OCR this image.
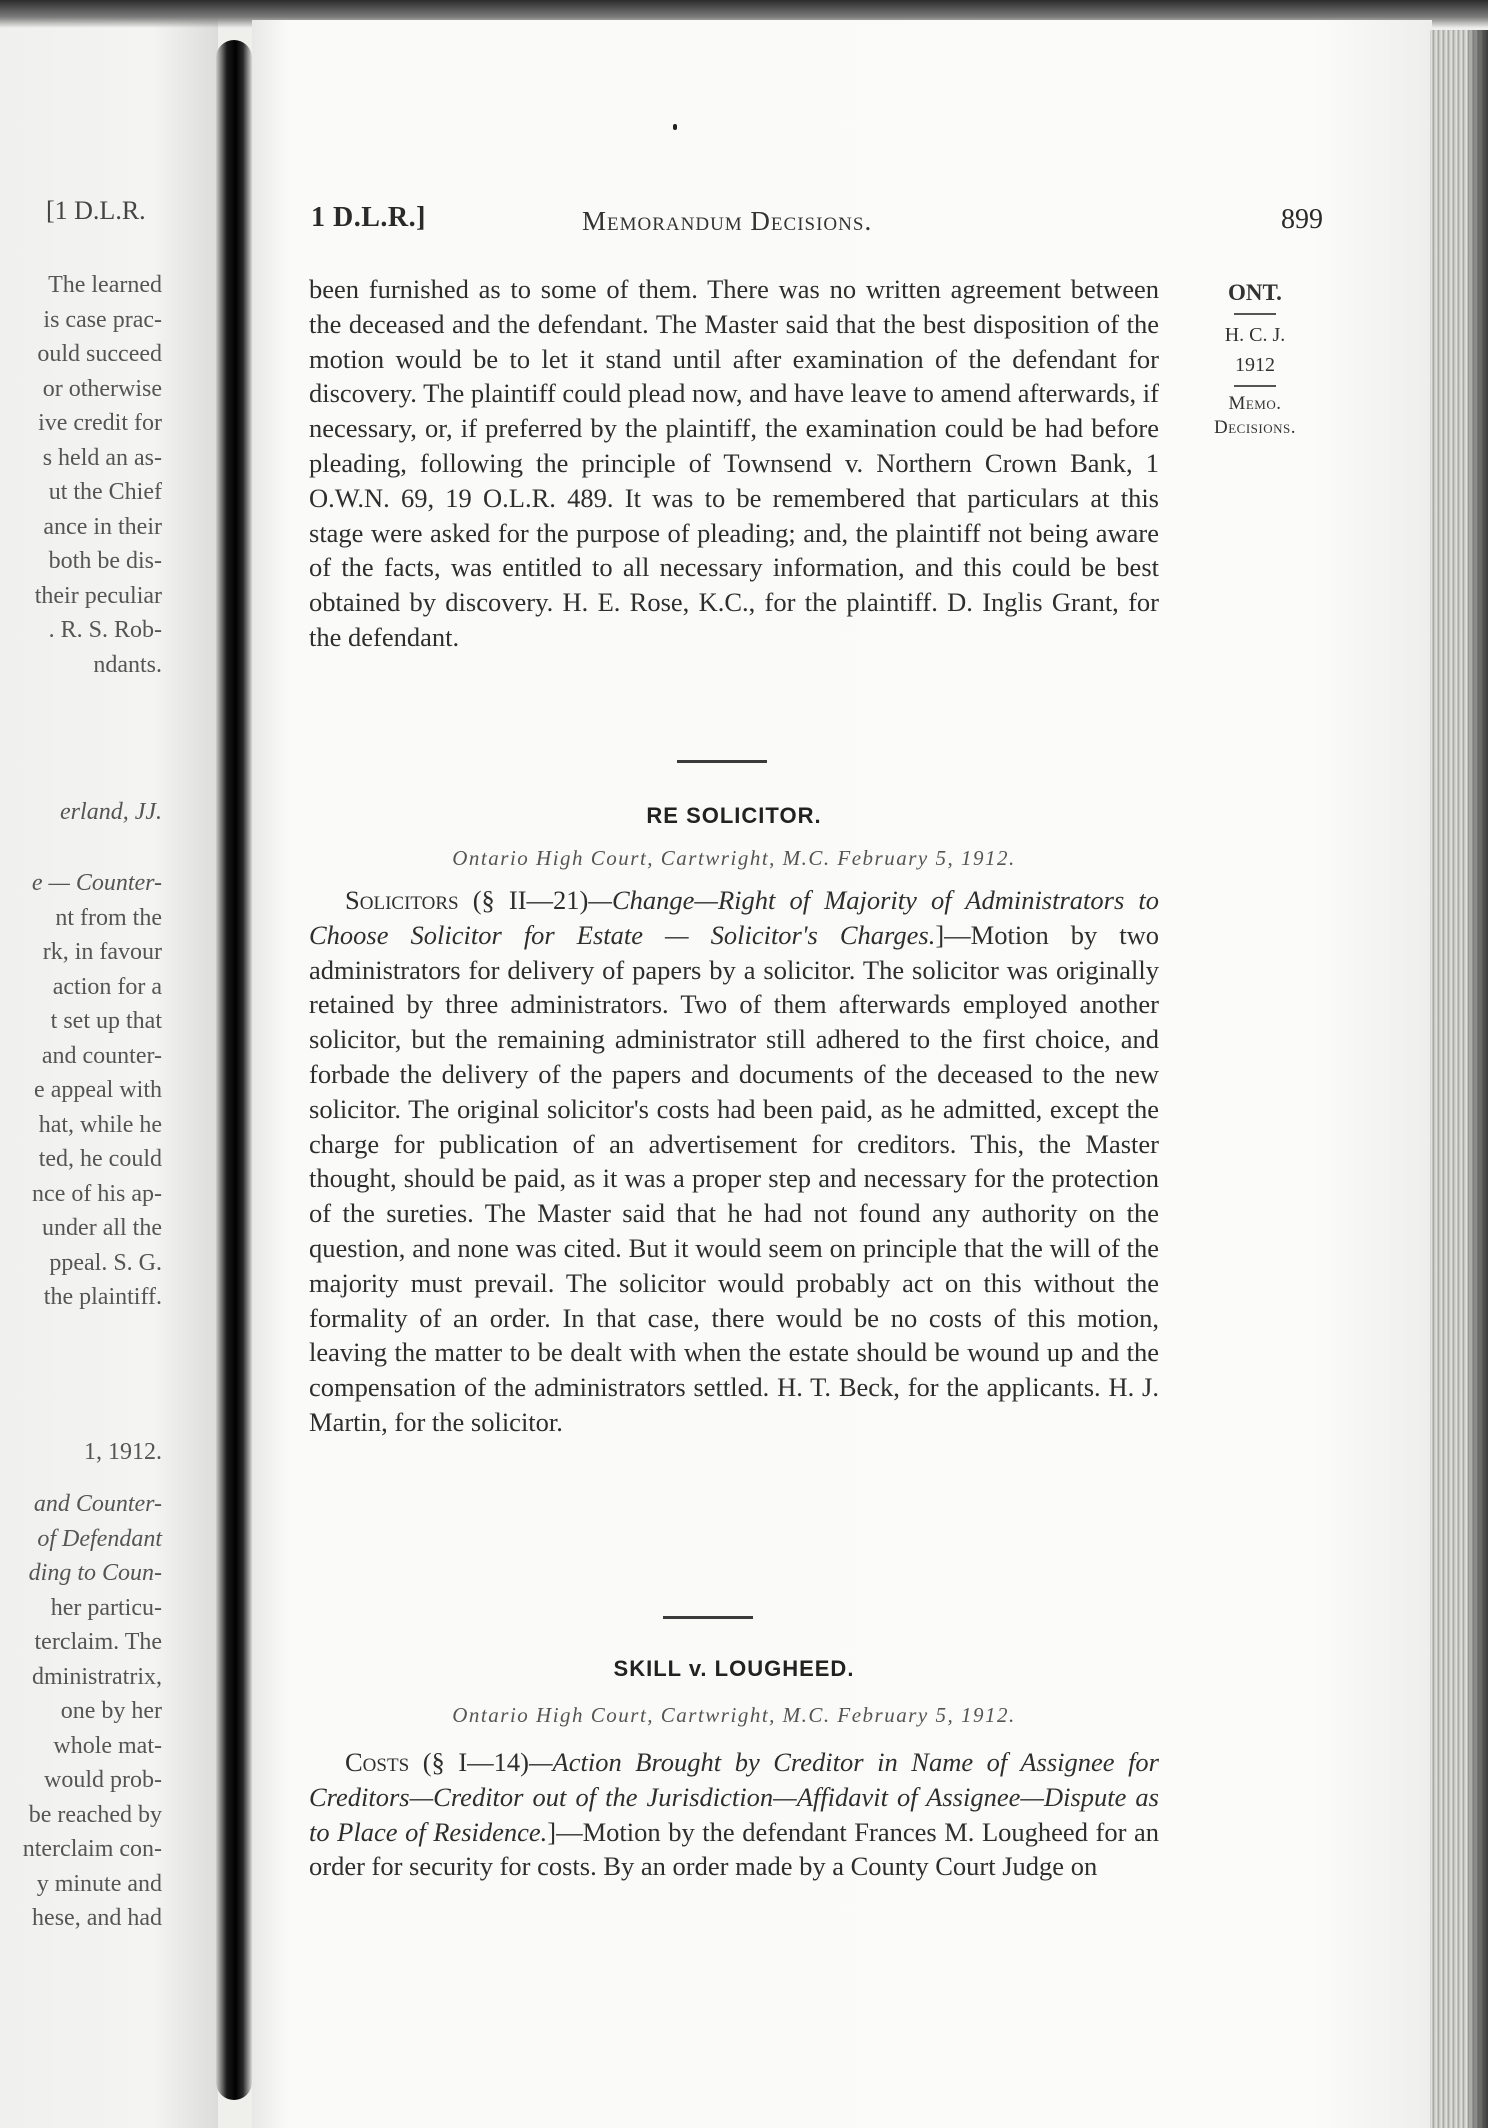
[1 D.L.R.
The learned
is case prac-
ould succeed
or otherwise
ive credit for
s held an as-
ut the Chief
ance in their
both be dis-
their peculiar
. R. S. Rob-
ndants.
erland, JJ.
e — Counter-
nt from the
rk, in favour
action for a
t set up that
and counter-
e appeal with
hat, while he
ted, he could
nce of his ap-
under all the
ppeal. S. G.
the plaintiff.
1, 1912.
and Counter-
of Defendant
ding to Coun-
her particu-
terclaim. The
dministratrix,
one by her
whole mat-
would prob-
be reached by
nterclaim con-
y minute and
hese, and had
1 D.L.R.]	Memorandum Decisions.	899
ONT.
H. C. J.
1912
Memo.
Decisions.
been furnished as to some of them. There was no written agreement between the deceased and the defendant. The Master said that the best disposition of the motion would be to let it stand until after examination of the defendant for discovery. The plaintiff could plead now, and have leave to amend afterwards, if necessary, or, if preferred by the plaintiff, the examination could be had before pleading, following the principle of Townsend v. Northern Crown Bank, 1 O.W.N. 69, 19 O.L.R. 489. It was to be remembered that particulars at this stage were asked for the purpose of pleading; and, the plaintiff not being aware of the facts, was entitled to all necessary information, and this could be best obtained by discovery. H. E. Rose, K.C., for the plaintiff. D. Inglis Grant, for the defendant.
RE SOLICITOR.
Ontario High Court, Cartwright, M.C. February 5, 1912.
Solicitors (§ II—21)—Change—Right of Majority of Administrators to Choose Solicitor for Estate — Solicitor's Charges.]—Motion by two administrators for delivery of papers by a solicitor. The solicitor was originally retained by three administrators. Two of them afterwards employed another solicitor, but the remaining administrator still adhered to the first choice, and forbade the delivery of the papers and documents of the deceased to the new solicitor. The original solicitor's costs had been paid, as he admitted, except the charge for publication of an advertisement for creditors. This, the Master thought, should be paid, as it was a proper step and necessary for the protection of the sureties. The Master said that he had not found any authority on the question, and none was cited. But it would seem on principle that the will of the majority must prevail. The solicitor would probably act on this without the formality of an order. In that case, there would be no costs of this motion, leaving the matter to be dealt with when the estate should be wound up and the compensation of the administrators settled. H. T. Beck, for the applicants. H. J. Martin, for the solicitor.
SKILL v. LOUGHEED.
Ontario High Court, Cartwright, M.C. February 5, 1912.
Costs (§ I—14)—Action Brought by Creditor in Name of Assignee for Creditors—Creditor out of the Jurisdiction—Affidavit of Assignee—Dispute as to Place of Residence.]—Motion by the defendant Frances M. Lougheed for an order for security for costs. By an order made by a County Court Judge on
